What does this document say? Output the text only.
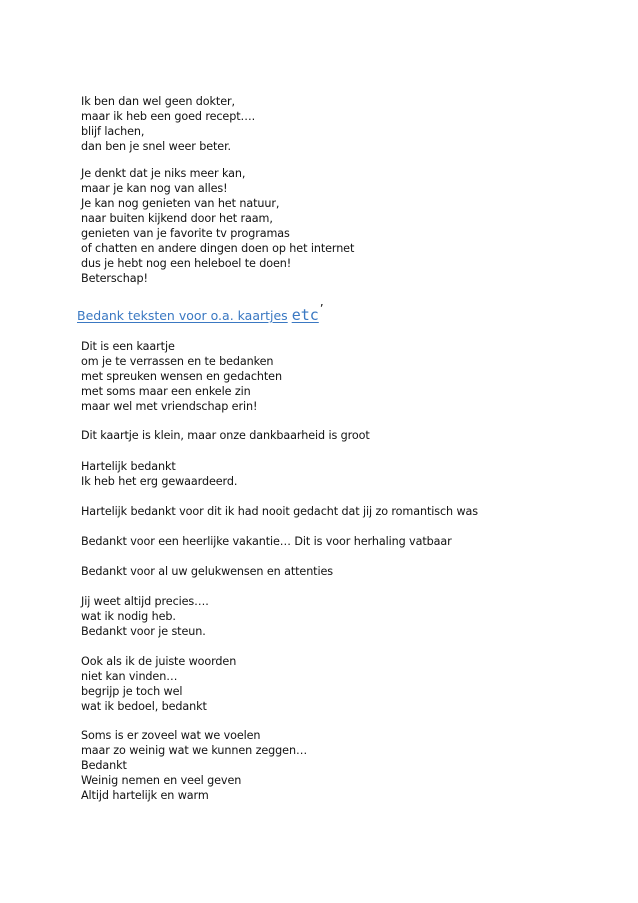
Ik ben dan wel geen dokter,
maar ik heb een goed recept….
blijf lachen,
dan ben je snel weer beter.
Je denkt dat je niks meer kan,
maar je kan nog van alles!
Je kan nog genieten van het natuur,
naar buiten kijkend door het raam,
genieten van je favorite tv programas
of chatten en andere dingen doen op het internet
dus je hebt nog een heleboel te doen!
Beterschap!
Bedank teksten voor o.a. kaartjes etc’
Dit is een kaartje
om je te verrassen en te bedanken
met spreuken wensen en gedachten
met soms maar een enkele zin
maar wel met vriendschap erin!
Dit kaartje is klein, maar onze dankbaarheid is groot
Hartelijk bedankt
Ik heb het erg gewaardeerd.
Hartelijk bedankt voor dit ik had nooit gedacht dat jij zo romantisch was
Bedankt voor een heerlijke vakantie… Dit is voor herhaling vatbaar
Bedankt voor al uw gelukwensen en attenties
Jij weet altijd precies….
wat ik nodig heb.
Bedankt voor je steun.
Ook als ik de juiste woorden
niet kan vinden…
begrijp je toch wel
wat ik bedoel, bedankt
Soms is er zoveel wat we voelen
maar zo weinig wat we kunnen zeggen…
Bedankt
Weinig nemen en veel geven
Altijd hartelijk en warm
